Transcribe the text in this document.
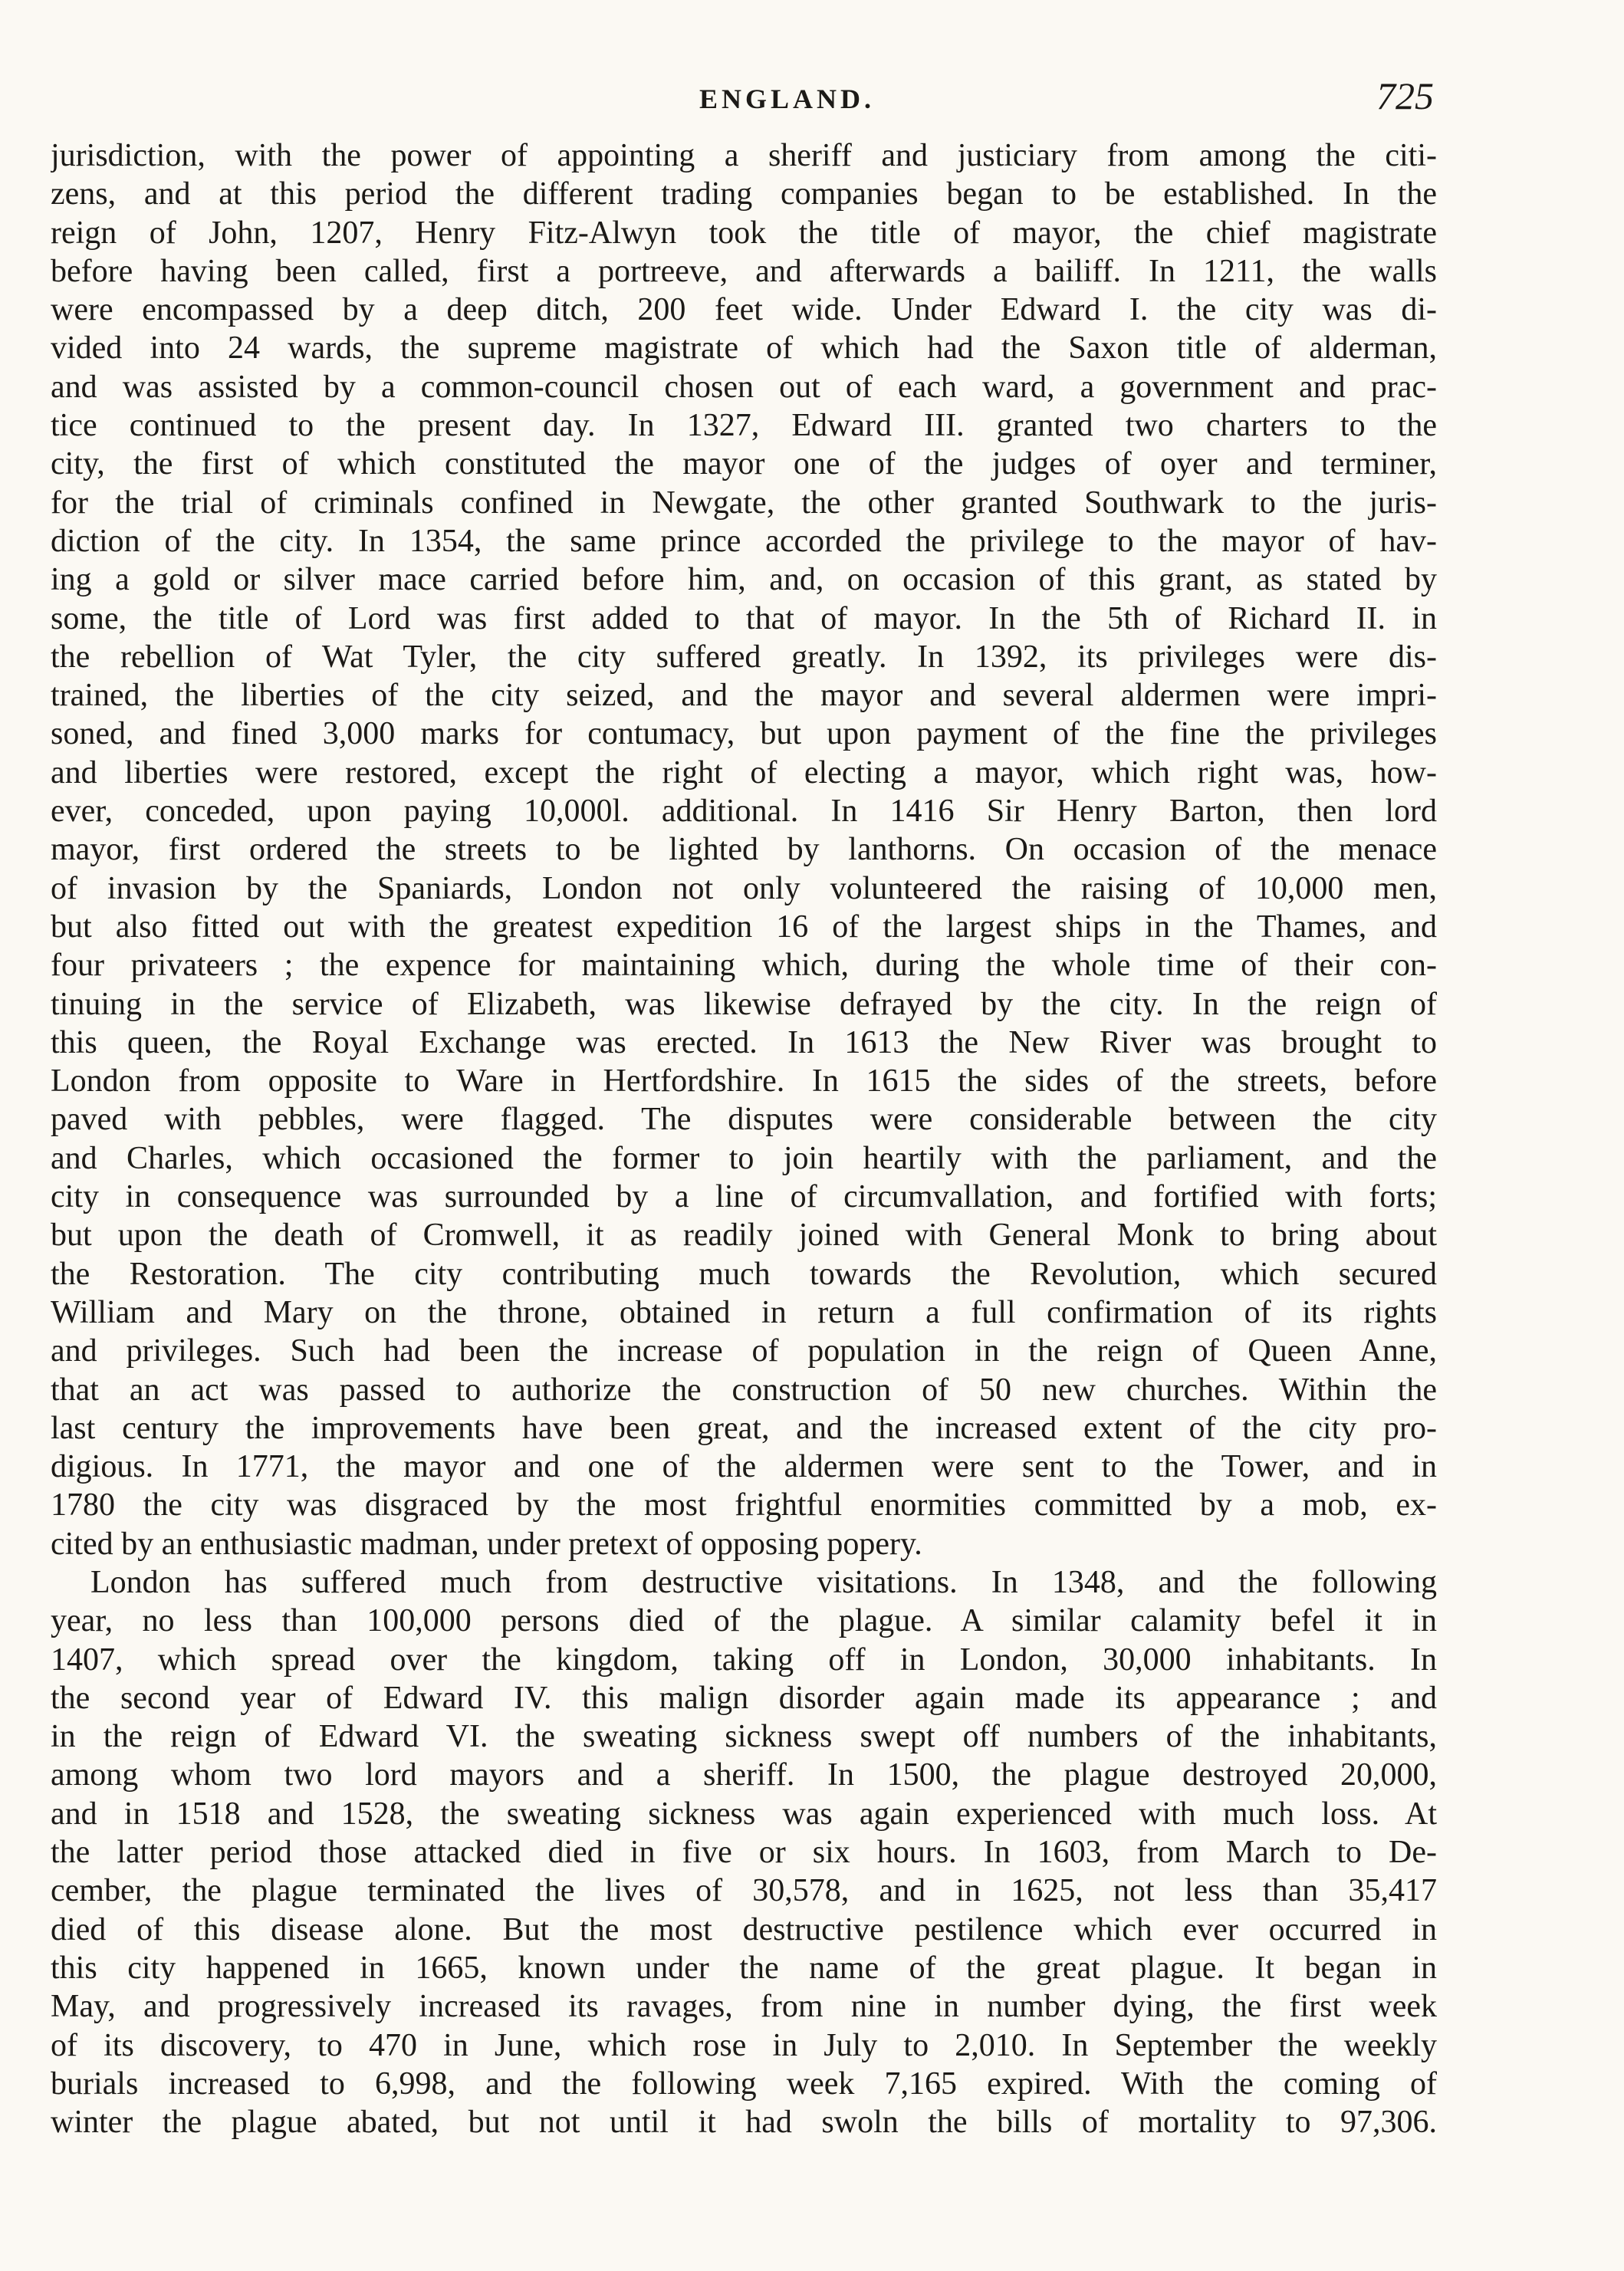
ENGLAND.	725
jurisdiction, with the power of appointing a sheriff and justiciary from among the citi-
zens, and at this period the different trading companies began to be established. In the
reign of John, 1207, Henry Fitz-Alwyn took the title of mayor, the chief magistrate
before having been called, first a portreeve, and afterwards a bailiff. In 1211, the walls
were encompassed by a deep ditch, 200 feet wide. Under Edward I. the city was di-
vided into 24 wards, the supreme magistrate of which had the Saxon title of alderman,
and was assisted by a common-council chosen out of each ward, a government and prac-
tice continued to the present day. In 1327, Edward III. granted two charters to the
city, the first of which constituted the mayor one of the judges of oyer and terminer,
for the trial of criminals confined in Newgate, the other granted Southwark to the juris-
diction of the city. In 1354, the same prince accorded the privilege to the mayor of hav-
ing a gold or silver mace carried before him, and, on occasion of this grant, as stated by
some, the title of Lord was first added to that of mayor. In the 5th of Richard II. in
the rebellion of Wat Tyler, the city suffered greatly. In 1392, its privileges were dis-
trained, the liberties of the city seized, and the mayor and several aldermen were impri-
soned, and fined 3,000 marks for contumacy, but upon payment of the fine the privileges
and liberties were restored, except the right of electing a mayor, which right was, how-
ever, conceded, upon paying 10,000l. additional. In 1416 Sir Henry Barton, then lord
mayor, first ordered the streets to be lighted by lanthorns. On occasion of the menace
of invasion by the Spaniards, London not only volunteered the raising of 10,000 men,
but also fitted out with the greatest expedition 16 of the largest ships in the Thames, and
four privateers ; the expence for maintaining which, during the whole time of their con-
tinuing in the service of Elizabeth, was likewise defrayed by the city. In the reign of
this queen, the Royal Exchange was erected. In 1613 the New River was brought to
London from opposite to Ware in Hertfordshire. In 1615 the sides of the streets, before
paved with pebbles, were flagged. The disputes were considerable between the city
and Charles, which occasioned the former to join heartily with the parliament, and the
city in consequence was surrounded by a line of circumvallation, and fortified with forts;
but upon the death of Cromwell, it as readily joined with General Monk to bring about
the Restoration. The city contributing much towards the Revolution, which secured
William and Mary on the throne, obtained in return a full confirmation of its rights
and privileges. Such had been the increase of population in the reign of Queen Anne,
that an act was passed to authorize the construction of 50 new churches. Within the
last century the improvements have been great, and the increased extent of the city pro-
digious. In 1771, the mayor and one of the aldermen were sent to the Tower, and in
1780 the city was disgraced by the most frightful enormities committed by a mob, ex-
cited by an enthusiastic madman, under pretext of opposing popery.
London has suffered much from destructive visitations. In 1348, and the following
year, no less than 100,000 persons died of the plague. A similar calamity befel it in
1407, which spread over the kingdom, taking off in London, 30,000 inhabitants. In
the second year of Edward IV. this malign disorder again made its appearance ; and
in the reign of Edward VI. the sweating sickness swept off numbers of the inhabitants,
among whom two lord mayors and a sheriff. In 1500, the plague destroyed 20,000,
and in 1518 and 1528, the sweating sickness was again experienced with much loss. At
the latter period those attacked died in five or six hours. In 1603, from March to De-
cember, the plague terminated the lives of 30,578, and in 1625, not less than 35,417
died of this disease alone. But the most destructive pestilence which ever occurred in
this city happened in 1665, known under the name of the great plague. It began in
May, and progressively increased its ravages, from nine in number dying, the first week
of its discovery, to 470 in June, which rose in July to 2,010. In September the weekly
burials increased to 6,998, and the following week 7,165 expired. With the coming of
winter the plague abated, but not until it had swoln the bills of mortality to 97,306.
